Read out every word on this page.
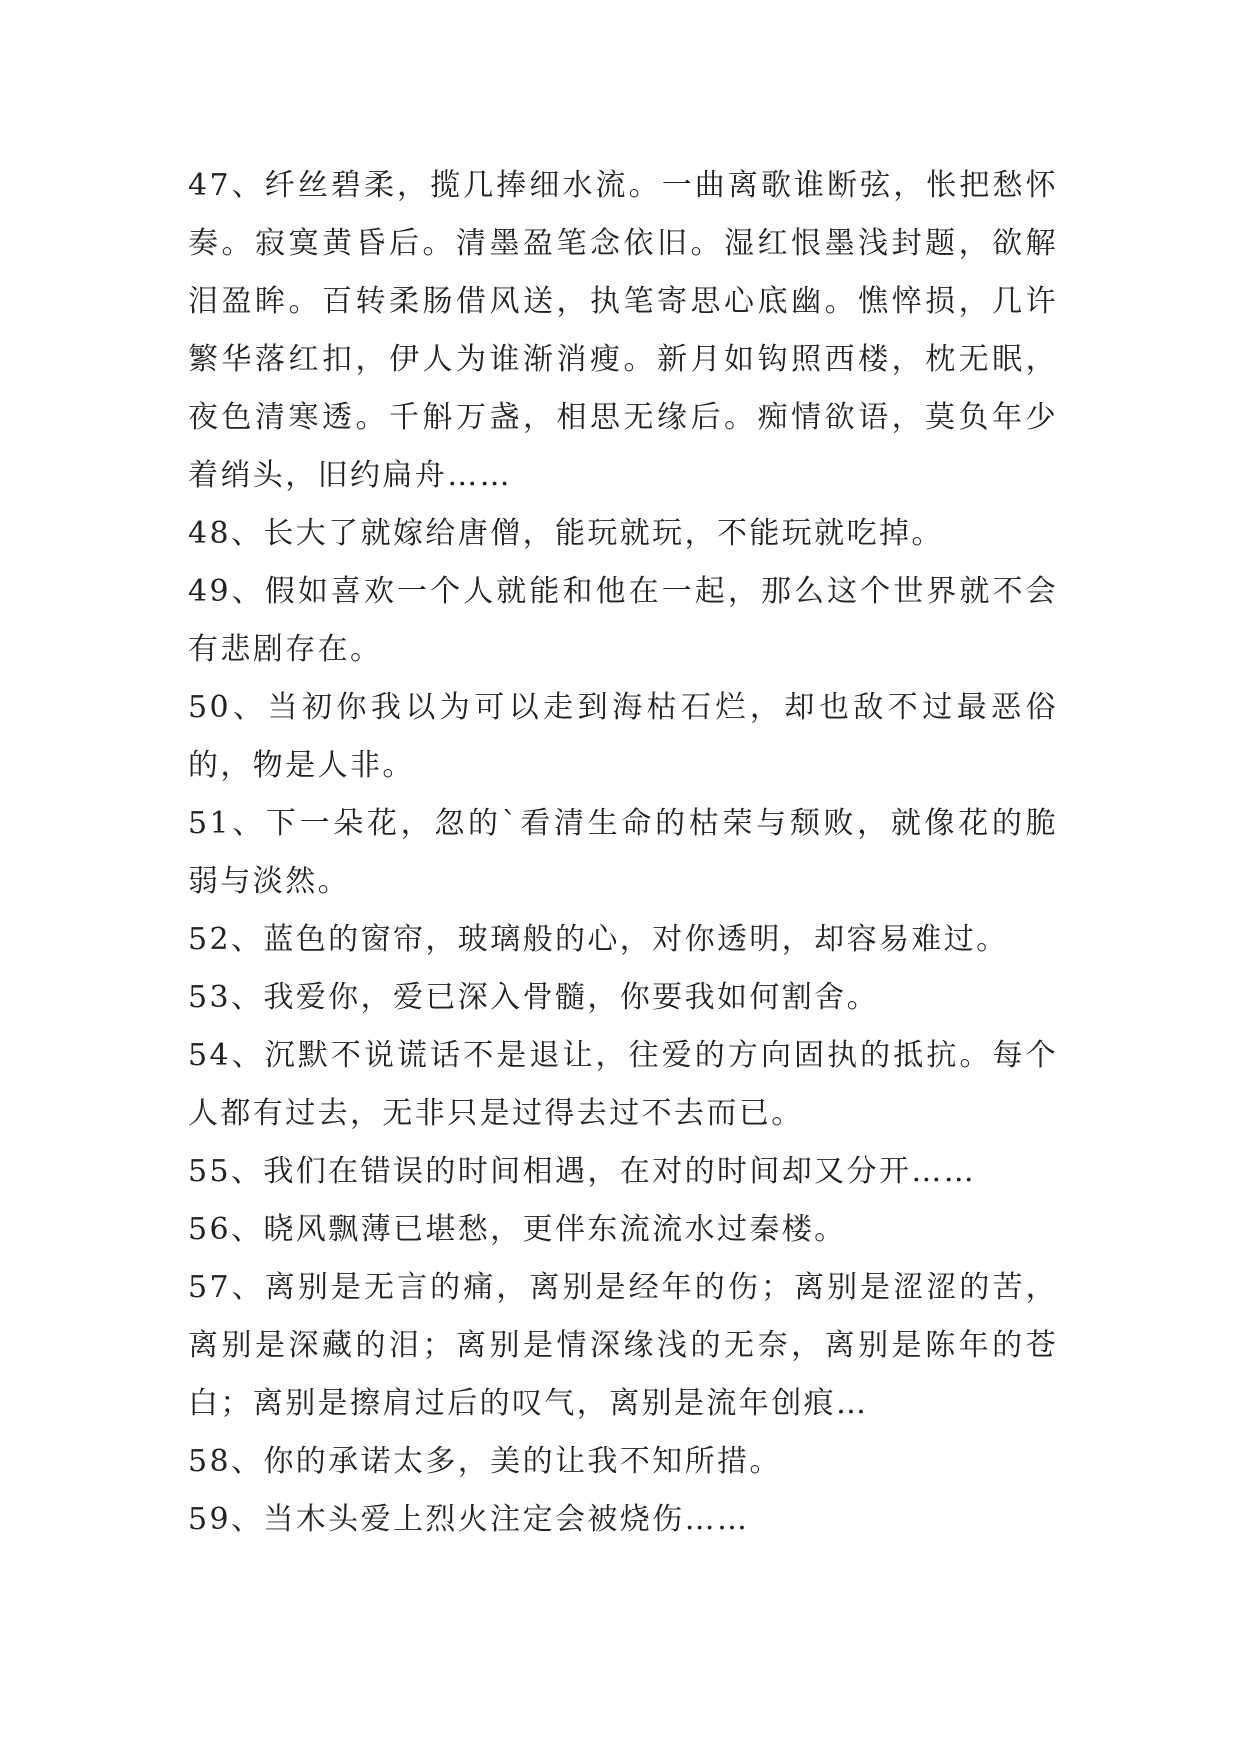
47、纤丝碧柔，揽几捧细水流。一曲离歌谁断弦，怅把愁怀奏。寂寞黄昏后。清墨盈笔念依旧。湿红恨墨浅封题，欲解泪盈眸。百转柔肠借风送，执笔寄思心底幽。憔悴损，几许繁华落红扣，伊人为谁渐消瘦。新月如钩照西楼，枕无眠，夜色清寒透。千斛万盏，相思无缘后。痴情欲语，莫负年少着绡头，旧约扁舟……

48、长大了就嫁给唐僧，能玩就玩，不能玩就吃掉。

49、假如喜欢一个人就能和他在一起，那么这个世界就不会有悲剧存在。

50、当初你我以为可以走到海枯石烂，却也敌不过最恶俗的，物是人非。

51、下一朵花，忽的`看清生命的枯荣与颓败，就像花的脆弱与淡然。

52、蓝色的窗帘，玻璃般的心，对你透明，却容易难过。

53、我爱你，爱已深入骨髓，你要我如何割舍。

54、沉默不说谎话不是退让，往爱的方向固执的抵抗。每个人都有过去，无非只是过得去过不去而已。

55、我们在错误的时间相遇，在对的时间却又分开……

56、晓风飘薄已堪愁，更伴东流流水过秦楼。

57、离别是无言的痛，离别是经年的伤；离别是涩涩的苦，离别是深藏的泪；离别是情深缘浅的无奈，离别是陈年的苍白；离别是擦肩过后的叹气，离别是流年创痕…

58、你的承诺太多，美的让我不知所措。

59、当木头爱上烈火注定会被烧伤……
